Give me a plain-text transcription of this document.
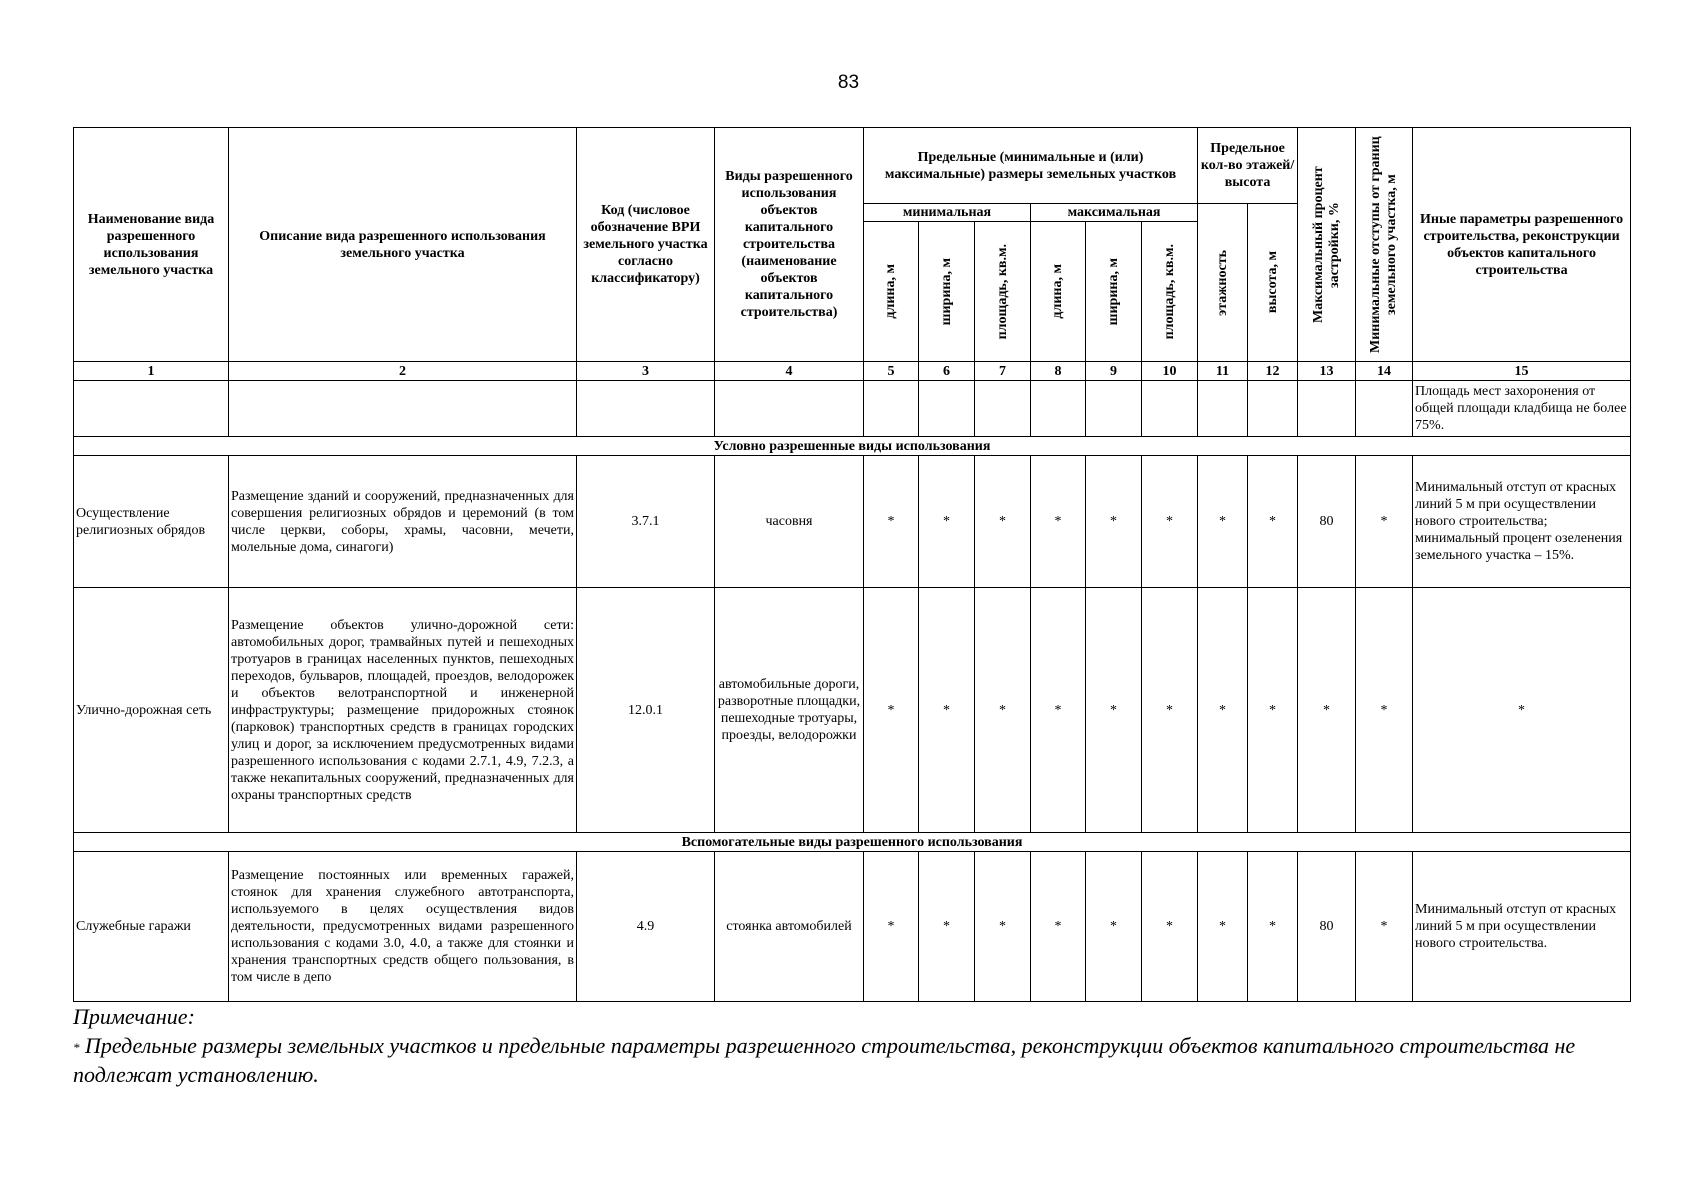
83
Наименование вида разрешенного использования земельного участка	Описание вида разрешенного использования земельного участка	Код (числовое обозначение ВРИ земельного участка согласно классификатору)	Виды разрешенного использования объектов капитального строительства (наименование объектов капитального строительства)	Предельные (минимальные и (или) максимальные) размеры земельных участков						Предельное кол-во этажей/ высота		Максимальный процент застройки, %	Минимальные отступы от границ земельного участка, м	Иные параметры разрешенного строительства, реконструкции объектов капитального строительства
				минимальная			максимальная			этажность	высота, м			

				длина, м	ширина, м	площадь, кв.м.	длина, м	ширина, м	площадь, кв.м.					

1	2	3	4	5	6	7	8	9	10	11	12	13	14	15
														Площадь мест захоронения от общей площади кладбища не более 75%.
Условно разрешенные виды использования														
Осуществление религиозных обрядов	Размещение зданий и сооружений, предназначенных для совершения религиозных обрядов и церемоний (в том числе церкви, соборы, храмы, часовни, мечети, молельные дома, синагоги)	3.7.1	часовня	*	*	*	*	*	*	*	*	80	*	Минимальный отступ от красных линий 5 м при осуществлении нового строительства; минимальный процент озеленения земельного участка – 15%.
Улично-дорожная сеть	Размещение объектов улично-дорожной сети: автомобильных дорог, трамвайных путей и пешеходных тротуаров в границах населенных пунктов, пешеходных переходов, бульваров, площадей, проездов, велодорожек и объектов велотранспортной и инженерной инфраструктуры; размещение придорожных стоянок (парковок) транспортных средств в границах городских улиц и дорог, за исключением предусмотренных видами разрешенного использования с кодами 2.7.1, 4.9, 7.2.3, а также некапитальных сооружений, предназначенных для охраны транспортных средств	12.0.1	автомобильные дороги, разворотные площадки, пешеходные тротуары, проезды, велодорожки	*	*	*	*	*	*	*	*	*	*	*
Вспомогательные виды разрешенного использования														
Служебные гаражи	Размещение постоянных или временных гаражей, стоянок для хранения служебного автотранспорта, используемого в целях осуществления видов деятельности, предусмотренных видами разрешенного использования с кодами 3.0, 4.0, а также для стоянки и хранения транспортных средств общего пользования, в том числе в депо	4.9	стоянка автомобилей	*	*	*	*	*	*	*	*	80	*	Минимальный отступ от красных линий 5 м при осуществлении нового строительства.
Примечание:
* Предельные размеры земельных участков и предельные параметры разрешенного строительства, реконструкции объектов капитального строительства не подлежат установлению.
